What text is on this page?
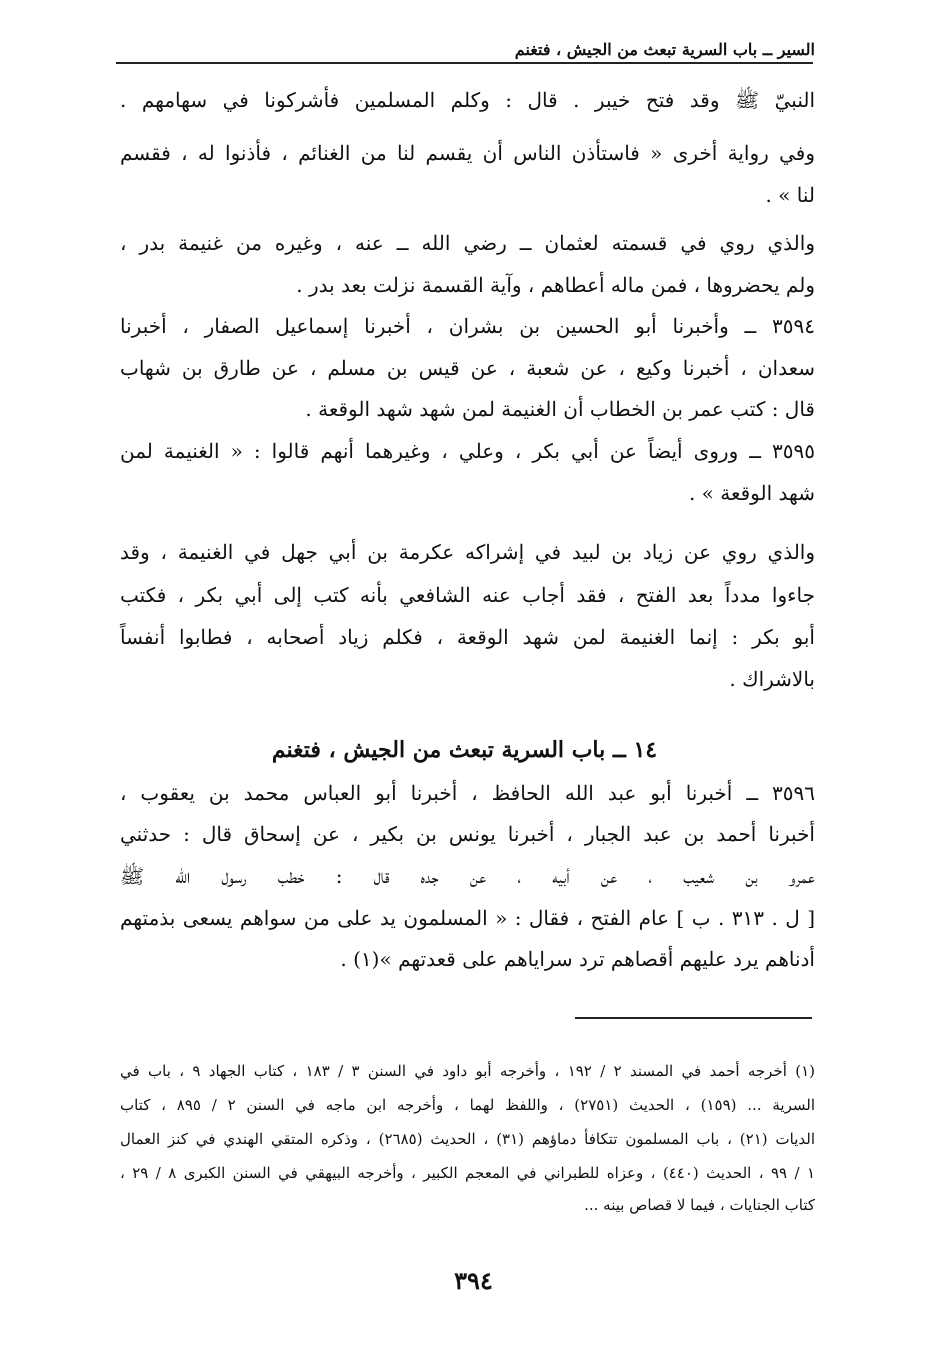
السير ــ باب السرية تبعث من الجيش ، فتغنم
النبيّ ﷺ وقد فتح خيبر . قال : وكلم المسلمين فأشركونا في سهامهم .
وفي رواية أخرى « فاستأذن الناس أن يقسم لنا من الغنائم ، فأذنوا له ، فقسم
لنا » .
والذي روي في قسمته لعثمان ــ رضي الله ــ عنه ، وغيره من غنيمة بدر ،
ولم يحضروها ، فمن ماله أعطاهم ، وآية القسمة نزلت بعد بدر .
٣٥٩٤ ــ وأخبرنا أبو الحسين بن بشران ، أخبرنا إسماعيل الصفار ، أخبرنا
سعدان ، أخبرنا وكيع ، عن شعبة ، عن قيس بن مسلم ، عن طارق بن شهاب
قال : كتب عمر بن الخطاب أن الغنيمة لمن شهد شهد الوقعة .
٣٥٩٥ ــ وروى أيضاً عن أبي بكر ، وعلي ، وغيرهما أنهم قالوا : « الغنيمة لمن
شهد الوقعة » .
والذي روي عن زياد بن لبيد في إشراكه عكرمة بن أبي جهل في الغنيمة ، وقد
جاءوا مدداً بعد الفتح ، فقد أجاب عنه الشافعي بأنه كتب إلى أبي بكر ، فكتب
أبو بكر : إنما الغنيمة لمن شهد الوقعة ، فكلم زياد أصحابه ، فطابوا أنفساً
بالاشراك .
١٤ ــ باب السرية تبعث من الجيش ، فتغنم
٣٥٩٦ ــ أخبرنا أبو عبد الله الحافظ ، أخبرنا أبو العباس محمد بن يعقوب ،
أخبرنا أحمد بن عبد الجبار ، أخبرنا يونس بن بكير ، عن إسحاق قال : حدثني
عمرو بن شعيب ، عن أبيه ، عن جده قال : خطب رسول الله ﷺ
[ ل . ٣١٣ . ب ] عام الفتح ، فقال : « المسلمون يد على من سواهم يسعى بذمتهم
أدناهم يرد عليهم أقصاهم ترد سراياهم على قعدتهم »(١) .
(١) أخرجه أحمد في المسند ٢ / ١٩٢ ، وأخرجه أبو داود في السنن ٣ / ١٨٣ ، كتاب الجهاد ٩ ، باب في
السرية ... (١٥٩) ، الحديث (٢٧٥١) ، واللفظ لهما ، وأخرجه ابن ماجه في السنن ٢ / ٨٩٥ ، كتاب
الديات (٢١) ، باب المسلمون تتكافأ دماؤهم (٣١) ، الحديث (٢٦٨٥) ، وذكره المتقي الهندي في كنز العمال
١ / ٩٩ ، الحديث (٤٤٠) ، وعزاه للطبراني في المعجم الكبير ، وأخرجه البيهقي في السنن الكبرى ٨ / ٢٩ ،
كتاب الجنايات ، فيما لا قصاص بينه ...
٣٩٤
